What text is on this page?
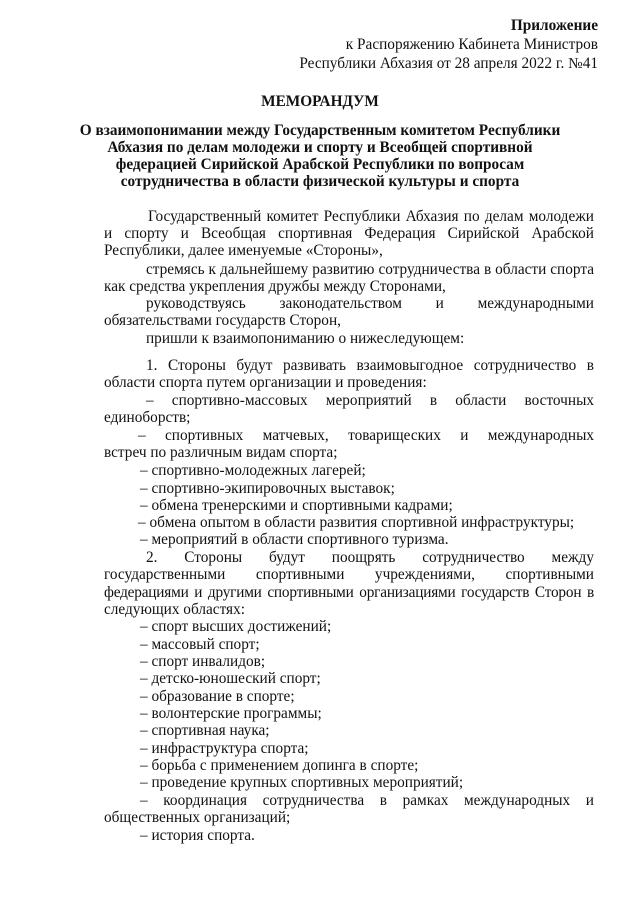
Приложение
к Распоряжению Кабинета Министров
Республики Абхазия от 28 апреля 2022 г. №41
МЕМОРАНДУМ
О взаимопонимании между Государственным комитетом Республики
Абхазия по делам молодежи и спорту и Всеобщей спортивной
федерацией Сирийской Арабской Республики по вопросам
сотрудничества в области физической культуры и спорта
Государственный комитет Республики Абхазия по делам молодежи
и спорту и Всеобщая спортивная Федерация Сирийской Арабской
Республики, далее именуемые «Стороны»,
стремясь к дальнейшему развитию сотрудничества в области спорта
как средства укрепления дружбы между Сторонами,
руководствуясь законодательством и международными
обязательствами государств Сторон,
пришли к взаимопониманию о нижеследующем:
1. Стороны будут развивать взаимовыгодное сотрудничество в
области спорта путем организации и проведения:
– спортивно-массовых мероприятий в области восточных
единоборств;
– спортивных матчевых, товарищеских и международных
встреч по различным видам спорта;
– спортивно-молодежных лагерей;
– спортивно-экипировочных выставок;
– обмена тренерскими и спортивными кадрами;
– обмена опытом в области развития спортивной инфраструктуры;
– мероприятий в области спортивного туризма.
2. Стороны будут поощрять сотрудничество между
государственными спортивными учреждениями, спортивными
федерациями и другими спортивными организациями государств Сторон в
следующих областях:
– спорт высших достижений;
– массовый спорт;
– спорт инвалидов;
– детско-юношеский спорт;
– образование в спорте;
– волонтерские программы;
– спортивная наука;
– инфраструктура спорта;
– борьба с применением допинга в спорте;
– проведение крупных спортивных мероприятий;
– координация сотрудничества в рамках международных и
общественных организаций;
– история спорта.
